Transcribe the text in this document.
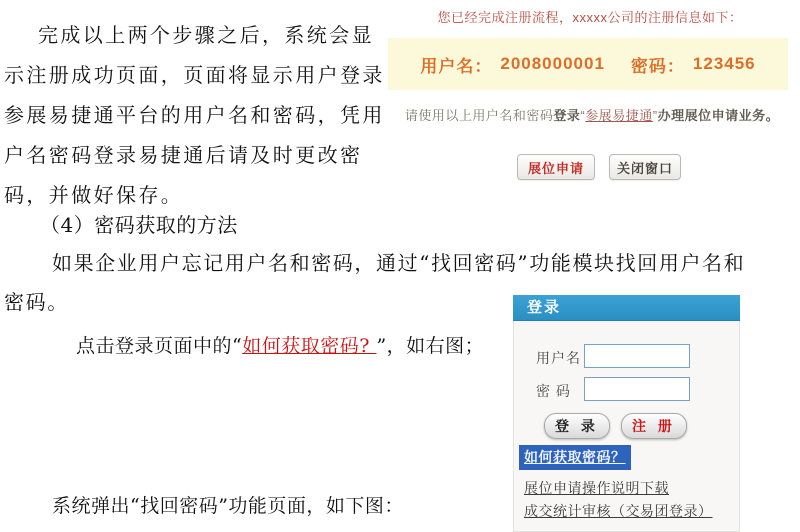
完成以上两个步骤之后，系统会显
示注册成功页面，页面将显示用户登录
参展易捷通平台的用户名和密码，凭用
户名密码登录易捷通后请及时更改密
码，并做好保存。
（4）密码获取的方法
如果企业用户忘记用户名和密码，通过“找回密码”功能模块找回用户名和
密码。
点击登录页面中的“如何获取密码? ”，如右图；
系统弹出“找回密码”功能页面，如下图：
您已经完成注册流程，xxxxx公司的注册信息如下：
用户名： 2008000001 密码： 123456
请使用以上用户名和密码登录“参展易捷通”办理展位申请业务。
展位申请	关闭窗口
登录
用户名
密 码
登 录	注 册
如何获取密码？
展位申请操作说明下载
成交统计审核（交易团登录）
